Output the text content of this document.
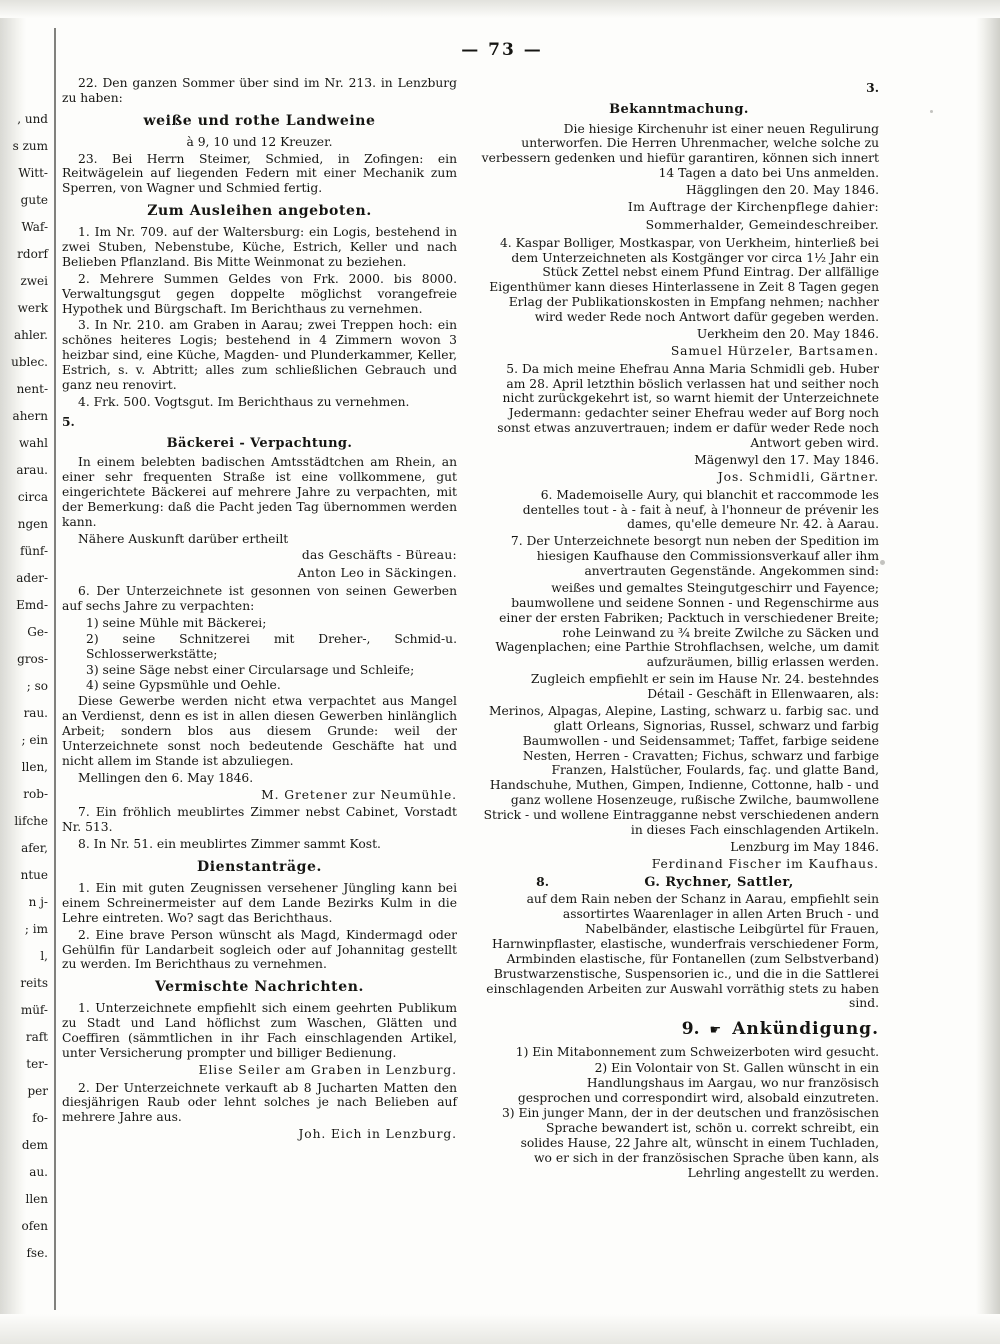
, und
s zum
Witt-
gute
Waf-
rdorf
zwei
werk
ahler.
ublec.
nent-
ahern
wahl
arau.
circa
ngen
fünf-
ader-
Emd-
Ge-
gros-
; so
rau.
; ein
llen,
rob-
lifche
afer,
ntue
n j-
; im
l,
reits
müf-
raft
ter-
per
fo-
dem
au.
llen
ofen
fse.
— 73 —

22. Den ganzen Sommer über sind im Nr. 213. in Lenzburg zu haben:

weiße und rothe Landweine

à 9, 10 und 12 Kreuzer.

23. Bei Herrn Steimer, Schmied, in Zofingen: ein Reitwägelein auf liegenden Federn mit einer Mechanik zum Sperren, von Wagner und Schmied fertig.

Zum Ausleihen angeboten.

1. Im Nr. 709. auf der Waltersburg: ein Logis, bestehend in zwei Stuben, Nebenstube, Küche, Estrich, Keller und nach Belieben Pflanzland. Bis Mitte Weinmonat zu beziehen.

2. Mehrere Summen Geldes von Frk. 2000. bis 8000. Verwaltungsgut gegen doppelte möglichst vorangefreie Hypothek und Bürgschaft. Im Berichthaus zu vernehmen.

3. In Nr. 210. am Graben in Aarau; zwei Treppen hoch: ein schönes heiteres Logis; bestehend in 4 Zimmern wovon 3 heizbar sind, eine Küche, Magden- und Plunderkammer, Keller, Estrich, s. v. Abtritt; alles zum schließlichen Gebrauch und ganz neu renovirt.

4. Frk. 500. Vogtsgut. Im Berichthaus zu vernehmen.

5.

Bäckerei - Verpachtung.

In einem belebten badischen Amtsstädtchen am Rhein, an einer sehr frequenten Straße ist eine vollkommene, gut eingerichtete Bäckerei auf mehrere Jahre zu verpachten, mit der Bemerkung: daß die Pacht jeden Tag übernommen werden kann.

Nähere Auskunft darüber ertheilt

das Geschäfts - Büreau:

Anton Leo in Säckingen.

6. Der Unterzeichnete ist gesonnen von seinen Gewerben auf sechs Jahre zu verpachten:

1) seine Mühle mit Bäckerei;

2) seine Schnitzerei mit Dreher-, Schmid-u. Schlosserwerkstätte;

3) seine Säge nebst einer Circularsage und Schleife;

4) seine Gypsmühle und Oehle.

Diese Gewerbe werden nicht etwa verpachtet aus Mangel an Verdienst, denn es ist in allen diesen Gewerben hinlänglich Arbeit; sondern blos aus diesem Grunde: weil der Unterzeichnete sonst noch bedeutende Geschäfte hat und nicht allem im Stande ist abzuliegen.

Mellingen den 6. May 1846.

M. Gretener zur Neumühle.

7. Ein fröhlich meublirtes Zimmer nebst Cabinet, Vorstadt Nr. 513.

8. In Nr. 51. ein meublirtes Zimmer sammt Kost.

Dienstanträge.

1. Ein mit guten Zeugnissen versehener Jüngling kann bei einem Schreinermeister auf dem Lande Bezirks Kulm in die Lehre eintreten. Wo? sagt das Berichthaus.

2. Eine brave Person wünscht als Magd, Kindermagd oder Gehülfin für Landarbeit sogleich oder auf Johannitag gestellt zu werden. Im Berichthaus zu vernehmen.

Vermischte Nachrichten.

1. Unterzeichnete empfiehlt sich einem geehrten Publikum zu Stadt und Land höflichst zum Waschen, Glätten und Coeffiren (sämmtlichen in ihr Fach einschlagenden Artikel, unter Versicherung prompter und billiger Bedienung.

Elise Seiler am Graben in Lenzburg.

2. Der Unterzeichnete verkauft ab 8 Jucharten Matten den diesjährigen Raub oder lehnt solches je nach Belieben auf mehrere Jahre aus.

Joh. Eich in Lenzburg.

3.

Bekanntmachung.

Die hiesige Kirchenuhr ist einer neuen Regulirung unterworfen. Die Herren Uhrenmacher, welche solche zu verbessern gedenken und hiefür garantiren, können sich innert 14 Tagen a dato bei Uns anmelden.

Hägglingen den 20. May 1846.

Im Auftrage der Kirchenpflege dahier:

Sommerhalder, Gemeindeschreiber.

4. Kaspar Bolliger, Mostkaspar, von Uerkheim, hinterließ bei dem Unterzeichneten als Kostgänger vor circa 1½ Jahr ein Stück Zettel nebst einem Pfund Eintrag. Der allfällige Eigenthümer kann dieses Hinterlassene in Zeit 8 Tagen gegen Erlag der Publikationskosten in Empfang nehmen; nachher wird weder Rede noch Antwort dafür gegeben werden.

Uerkheim den 20. May 1846.

Samuel Hürzeler, Bartsamen.

5. Da mich meine Ehefrau Anna Maria Schmidli geb. Huber am 28. April letzthin böslich verlassen hat und seither noch nicht zurückgekehrt ist, so warnt hiemit der Unterzeichnete Jedermann: gedachter seiner Ehefrau weder auf Borg noch sonst etwas anzuvertrauen; indem er dafür weder Rede noch Antwort geben wird.

Mägenwyl den 17. May 1846.

Jos. Schmidli, Gärtner.

6. Mademoiselle Aury, qui blanchit et raccommode les dentelles tout - à - fait à neuf, à l'honneur de prévenir les dames, qu'elle demeure Nr. 42. à Aarau.

7. Der Unterzeichnete besorgt nun neben der Spedition im hiesigen Kaufhause den Commissionsverkauf aller ihm anvertrauten Gegenstände. Angekommen sind:

weißes und gemaltes Steingutgeschirr und Fayence; baumwollene und seidene Sonnen - und Regenschirme aus einer der ersten Fabriken; Packtuch in verschiedener Breite; rohe Leinwand zu ¾ breite Zwilche zu Säcken und Wagenplachen; eine Parthie Strohflachsen, welche, um damit aufzuräumen, billig erlassen werden.

Zugleich empfiehlt er sein im Hause Nr. 24. bestehndes Détail - Geschäft in Ellenwaaren, als:

Merinos, Alpagas, Alepine, Lasting, schwarz u. farbig sac. und glatt Orleans, Signorias, Russel, schwarz und farbig Baumwollen - und Seidensammet; Taffet, farbige seidene Nesten, Herren - Cravatten; Fichus, schwarz und farbige Franzen, Halstücher, Foulards, faç. und glatte Band, Handschuhe, Muthen, Gimpen, Indienne, Cottonne, halb - und ganz wollene Hosenzeuge, rußische Zwilche, baumwollene Strick - und wollene Eintragganne nebst verschiedenen andern in dieses Fach einschlagenden Artikeln.

Lenzburg im May 1846.

Ferdinand Fischer im Kaufhaus.

8.	G. Rychner, Sattler,

auf dem Rain neben der Schanz in Aarau, empfiehlt sein assortirtes Waarenlager in allen Arten Bruch - und Nabelbänder, elastische Leibgürtel für Frauen, Harnwinpflaster, elastische, wunderfrais verschiedener Form, Armbinden elastische, für Fontanellen (zum Selbstverband) Brustwarzenstische, Suspensorien ic., und die in die Sattlerei einschlagenden Arbeiten zur Auswahl vorräthig stets zu haben sind.

9. ☛ Ankündigung.

1) Ein Mitabonnement zum Schweizerboten wird gesucht.

2) Ein Volontair von St. Gallen wünscht in ein Handlungshaus im Aargau, wo nur französisch gesprochen und correspondirt wird, alsobald einzutreten.

3) Ein junger Mann, der in der deutschen und französischen Sprache bewandert ist, schön u. correkt schreibt, ein solides Hause, 22 Jahre alt, wünscht in einem Tuchladen, wo er sich in der französischen Sprache üben kann, als Lehrling angestellt zu werden.
